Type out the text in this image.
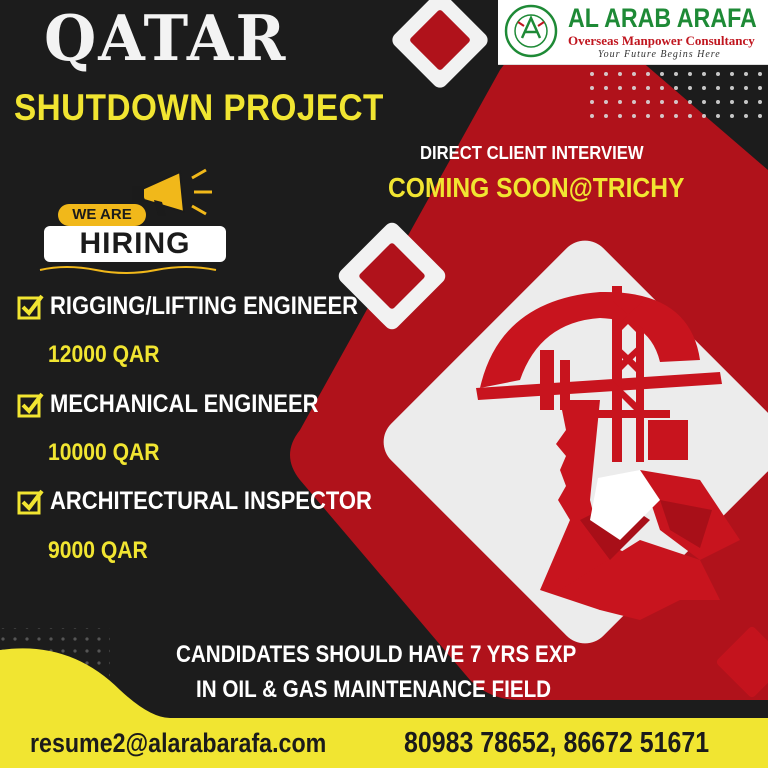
QATAR
SHUTDOWN PROJECT
AL ARAB ARAFA
Overseas Manpower Consultancy
Your Future Begins Here
DIRECT CLIENT INTERVIEW
COMING SOON@TRICHY
WE ARE
HIRING
RIGGING/LIFTING ENGINEER
12000 QAR
MECHANICAL ENGINEER
10000 QAR
ARCHITECTURAL INSPECTOR
9000 QAR
CANDIDATES SHOULD HAVE 7 YRS EXP
IN OIL & GAS MAINTENANCE FIELD
resume2@alarabarafa.com	80983 78652, 86672 51671
